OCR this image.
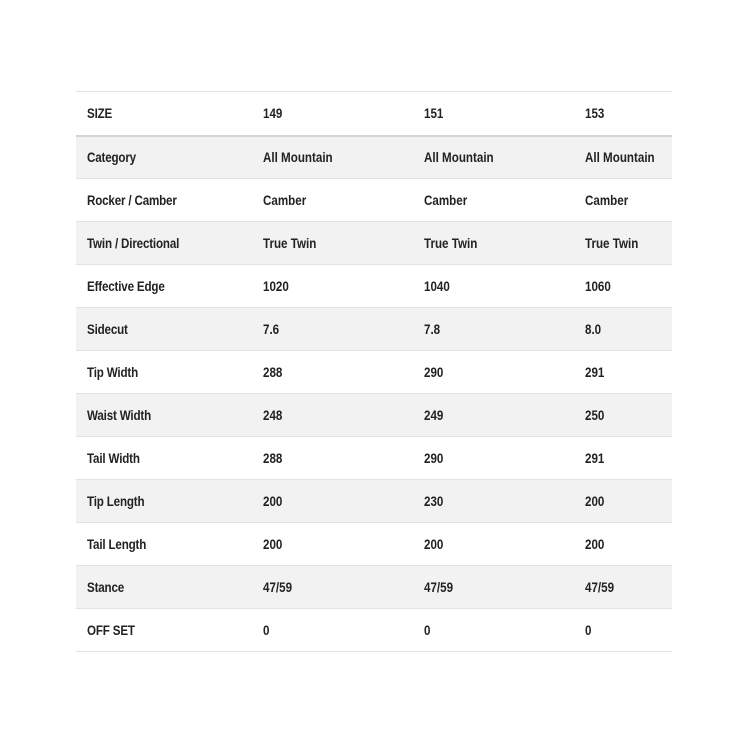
SIZE	149	151	153
Category	All Mountain	All Mountain	All Mountain
Rocker / Camber	Camber	Camber	Camber
Twin / Directional	True Twin	True Twin	True Twin
Effective Edge	1020	1040	1060
Sidecut	7.6	7.8	8.0
Tip Width	288	290	291
Waist Width	248	249	250
Tail Width	288	290	291
Tip Length	200	230	200
Tail Length	200	200	200
Stance	47/59	47/59	47/59
OFF SET	0	0	0
